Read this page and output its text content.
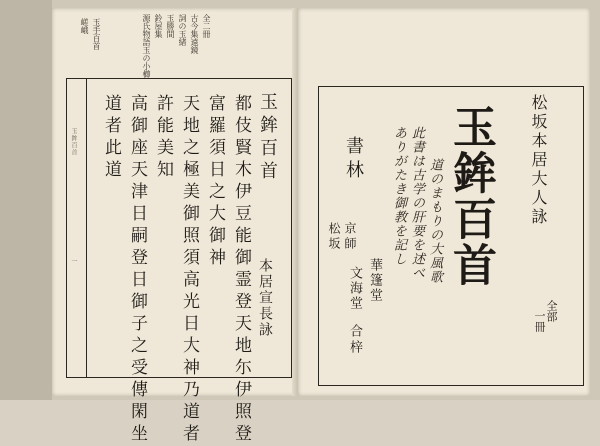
全二冊
古今集遠鏡
詞の玉緒
玉勝間
鈴屋集
源氏物語玉の小櫛
玉手百首
嵯峨
玉鉾百首
一
玉鉾百首
本居宣長詠
都伎賢木伊豆能御霊登天地尓伊照登
富羅須日之大御神
天地之極美御照須高光日大神乃道者
許能美知
高御座天津日嗣登日御子之受傳閑坐
道者此道	松坂本居大人詠
玉鉾百首
道のまもりの大風歌
此書は古学の肝要を述べ
ありがたき御教を記し
全部
一冊
書林
京師
松坂
華篷堂
文海堂
合梓
